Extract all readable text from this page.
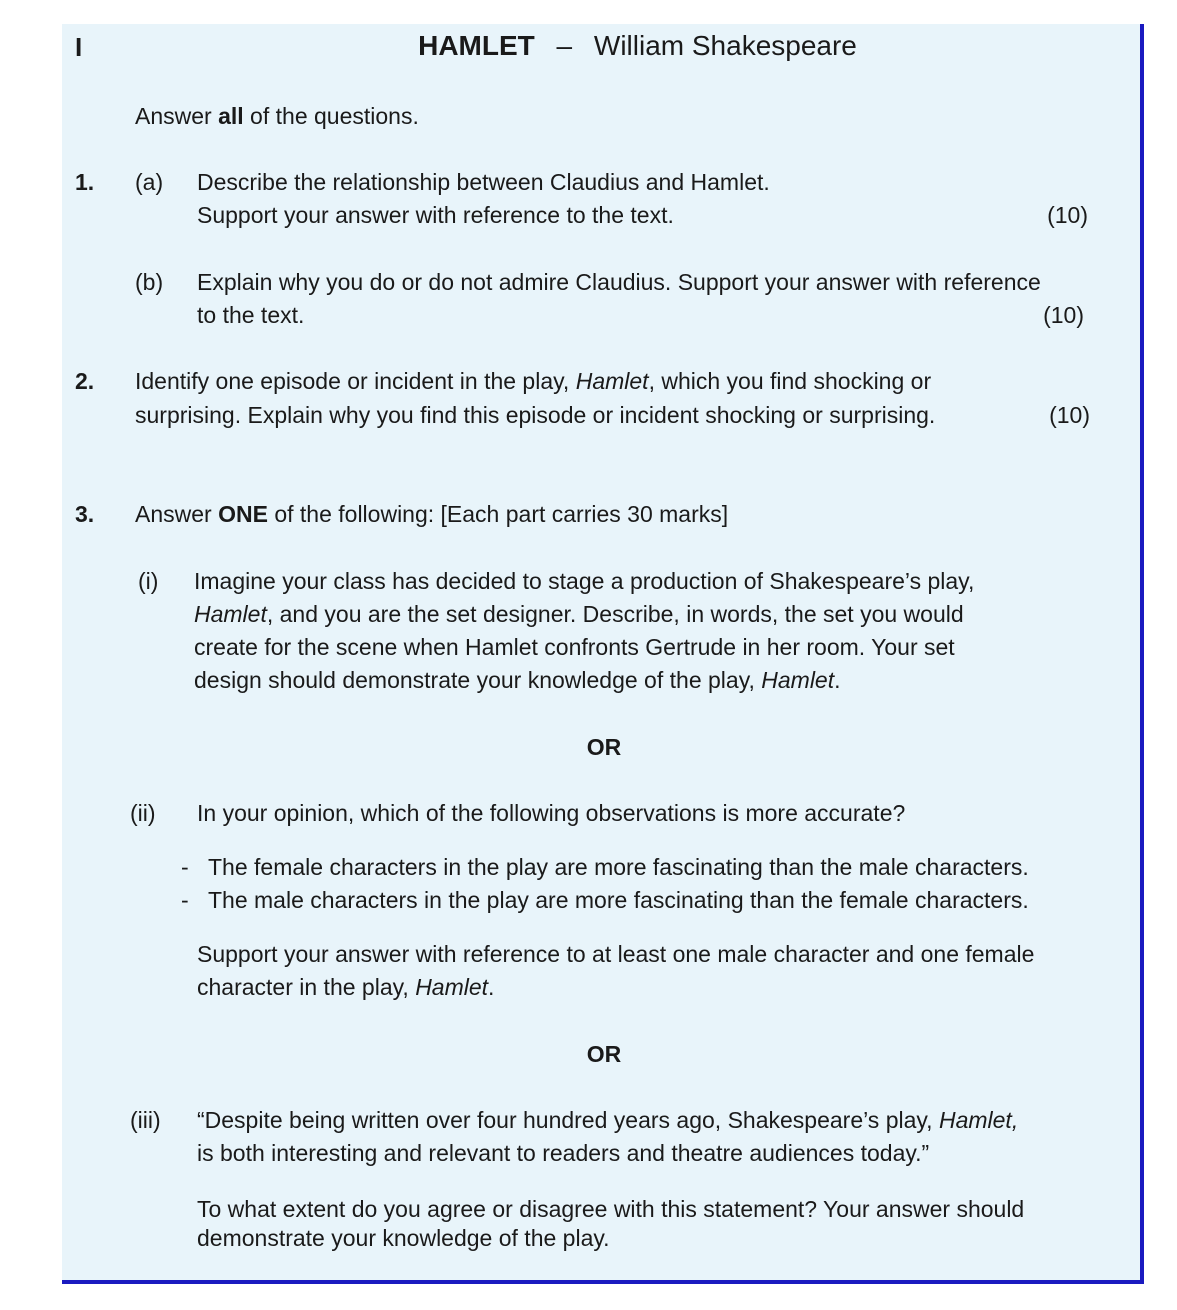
I	HAMLET – William Shakespeare
Answer all of the questions.
1. (a) Describe the relationship between Claudius and Hamlet.
Support your answer with reference to the text.	(10)
(b) Explain why you do or do not admire Claudius. Support your answer with reference
to the text.	(10)
2. Identify one episode or incident in the play, Hamlet, which you find shocking or
surprising. Explain why you find this episode or incident shocking or surprising.	(10)
3. Answer ONE of the following: [Each part carries 30 marks]
(i) Imagine your class has decided to stage a production of Shakespeare’s play,
Hamlet, and you are the set designer. Describe, in words, the set you would
create for the scene when Hamlet confronts Gertrude in her room. Your set
design should demonstrate your knowledge of the play, Hamlet.
OR
(ii) In your opinion, which of the following observations is more accurate?
- The female characters in the play are more fascinating than the male characters.
- The male characters in the play are more fascinating than the female characters.
Support your answer with reference to at least one male character and one female
character in the play, Hamlet.
OR
(iii) “Despite being written over four hundred years ago, Shakespeare’s play, Hamlet,
is both interesting and relevant to readers and theatre audiences today.”
To what extent do you agree or disagree with this statement? Your answer should
demonstrate your knowledge of the play.
